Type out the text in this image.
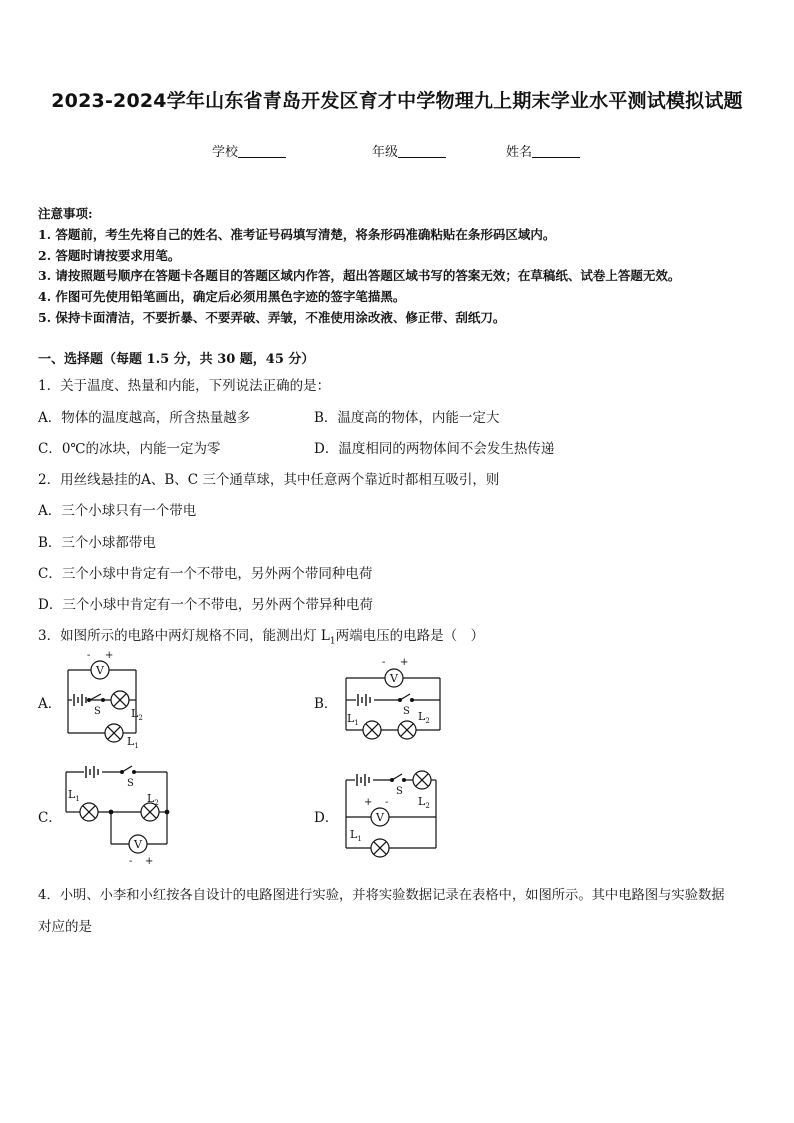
2023-2024学年山东省青岛开发区育才中学物理九上期末学业水平测试模拟试题
学校	年级	姓名
注意事项:
1. 答题前，考生先将自己的姓名、准考证号码填写清楚，将条形码准确粘贴在条形码区域内。
2. 答题时请按要求用笔。
3. 请按照题号顺序在答题卡各题目的答题区域内作答，超出答题区域书写的答案无效；在草稿纸、试卷上答题无效。
4. 作图可先使用铅笔画出，确定后必须用黑色字迹的签字笔描黑。
5. 保持卡面清洁，不要折暴、不要弄破、弄皱，不准使用涂改液、修正带、刮纸刀。
一、选择题（每题 1.5 分，共 30 题，45 分）
1．关于温度、热量和内能，下列说法正确的是：
A．物体的温度越高，所含热量越多	B．温度高的物体，内能一定大
C．0℃的冰块，内能一定为零	D．温度相同的两物体间不会发生热传递
2．用丝线悬挂的A、B、C 三个通草球，其中任意两个靠近时都相互吸引，则
A．三个小球只有一个带电
B．三个小球都带电
C．三个小球中肯定有一个不带电，另外两个带同种电荷
D．三个小球中肯定有一个不带电，另外两个带异种电荷
3．如图所示的电路中两灯规格不同，能测出灯 $L_1$两端电压的电路是（　）
A．	B．
C．	D．
V
- +
S	$L_2$
$L_1$
V
- +
S
$L_1$	$L_2$
V
S
$L_1$	$L_2$
- +
V
+ -
S
$L_2$
$L_1$
4．小明、小李和小红按各自设计的电路图进行实验，并将实验数据记录在表格中，如图所示。其中电路图与实验数据
对应的是
